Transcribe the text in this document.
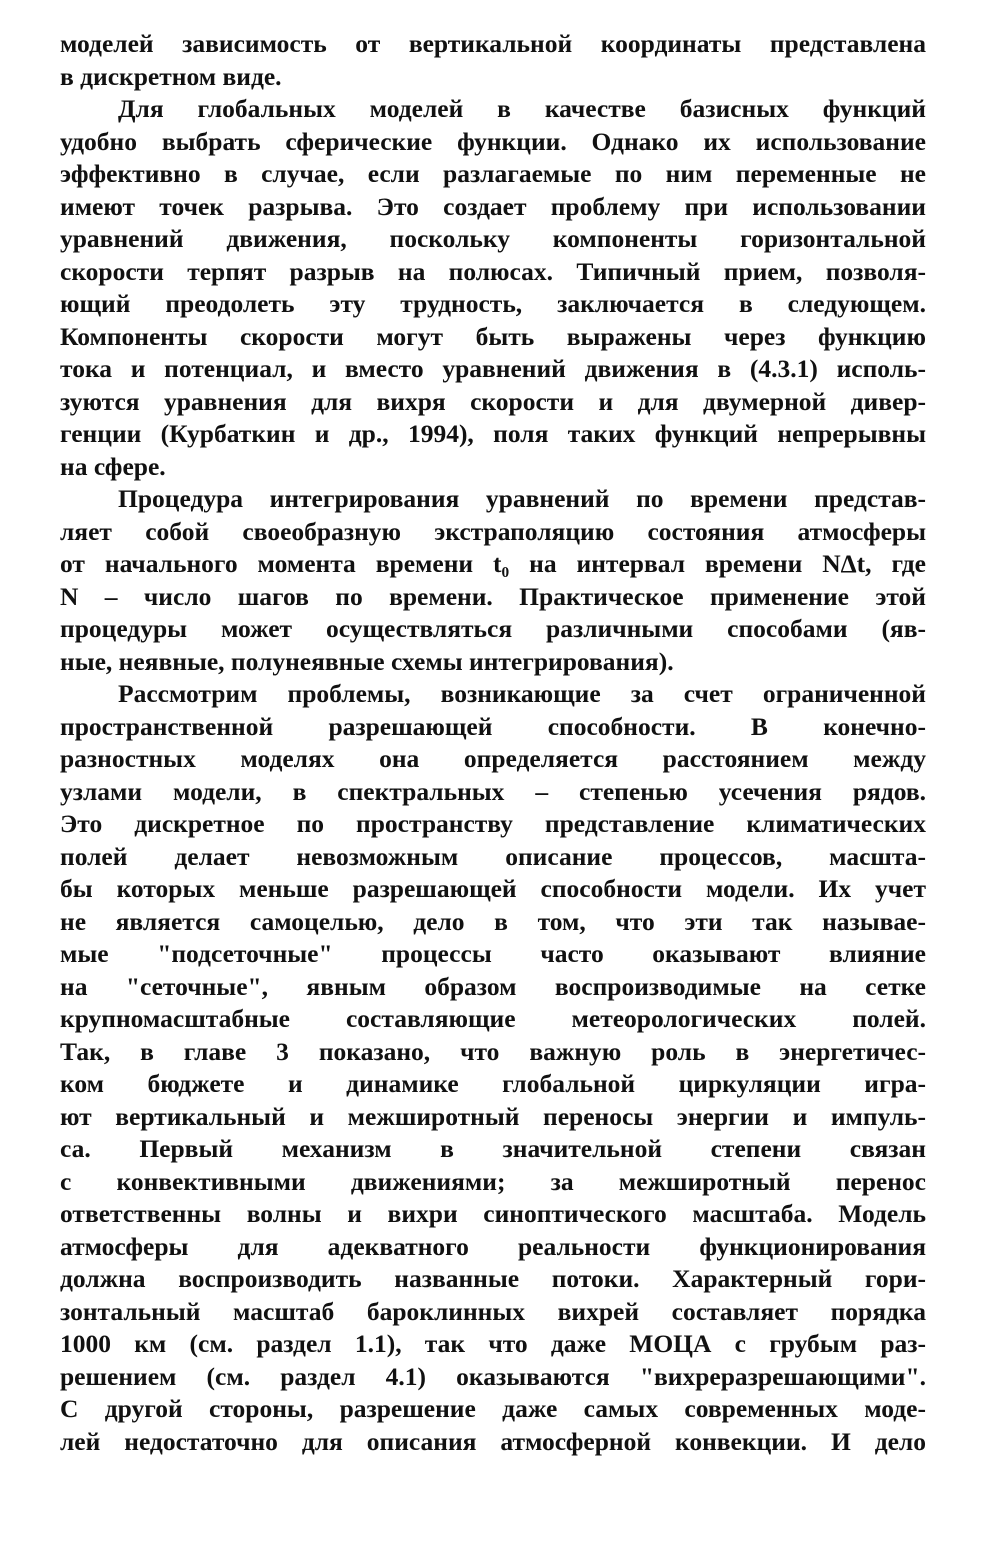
моделей зависимость от вертикальной координаты представлена
в дискретном виде.
Для глобальных моделей в качестве базисных функций
удобно выбрать сферические функции. Однако их использование
эффективно в случае, если разлагаемые по ним переменные не
имеют точек разрыва. Это создает проблему при использовании
уравнений движения, поскольку компоненты горизонтальной
скорости терпят разрыв на полюсах. Типичный прием, позволя-
ющий преодолеть эту трудность, заключается в следующем.
Компоненты скорости могут быть выражены через функцию
тока и потенциал, и вместо уравнений движения в (4.3.1) исполь-
зуются уравнения для вихря скорости и для двумерной дивер-
генции (Курбаткин и др., 1994), поля таких функций непрерывны
на сфере.
Процедура интегрирования уравнений по времени представ-
ляет собой своеобразную экстраполяцию состояния атмосферы
от начального момента времени t₀ на интервал времени NΔt, где
N – число шагов по времени. Практическое применение этой
процедуры может осуществляться различными способами (яв-
ные, неявные, полунеявные схемы интегрирования).
Рассмотрим проблемы, возникающие за счет ограниченной
пространственной разрешающей способности. В конечно-
разностных моделях она определяется расстоянием между
узлами модели, в спектральных – степенью усечения рядов.
Это дискретное по пространству представление климатических
полей делает невозможным описание процессов, масшта-
бы которых меньше разрешающей способности модели. Их учет
не является самоцелью, дело в том, что эти так называе-
мые "подсеточные" процессы часто оказывают влияние
на "сеточные", явным образом воспроизводимые на сетке
крупномасштабные составляющие метеорологических полей.
Так, в главе 3 показано, что важную роль в энергетичес-
ком бюджете и динамике глобальной циркуляции игра-
ют вертикальный и межширотный переносы энергии и импуль-
са. Первый механизм в значительной степени связан
с конвективными движениями; за межширотный перенос
ответственны волны и вихри синоптического масштаба. Модель
атмосферы для адекватного реальности функционирования
должна воспроизводить названные потоки. Характерный гори-
зонтальный масштаб бароклинных вихрей составляет порядка
1000 км (см. раздел 1.1), так что даже МОЦА с грубым раз-
решением (см. раздел 4.1) оказываются "вихреразрешающими".
С другой стороны, разрешение даже самых современных моде-
лей недостаточно для описания атмосферной конвекции. И дело
